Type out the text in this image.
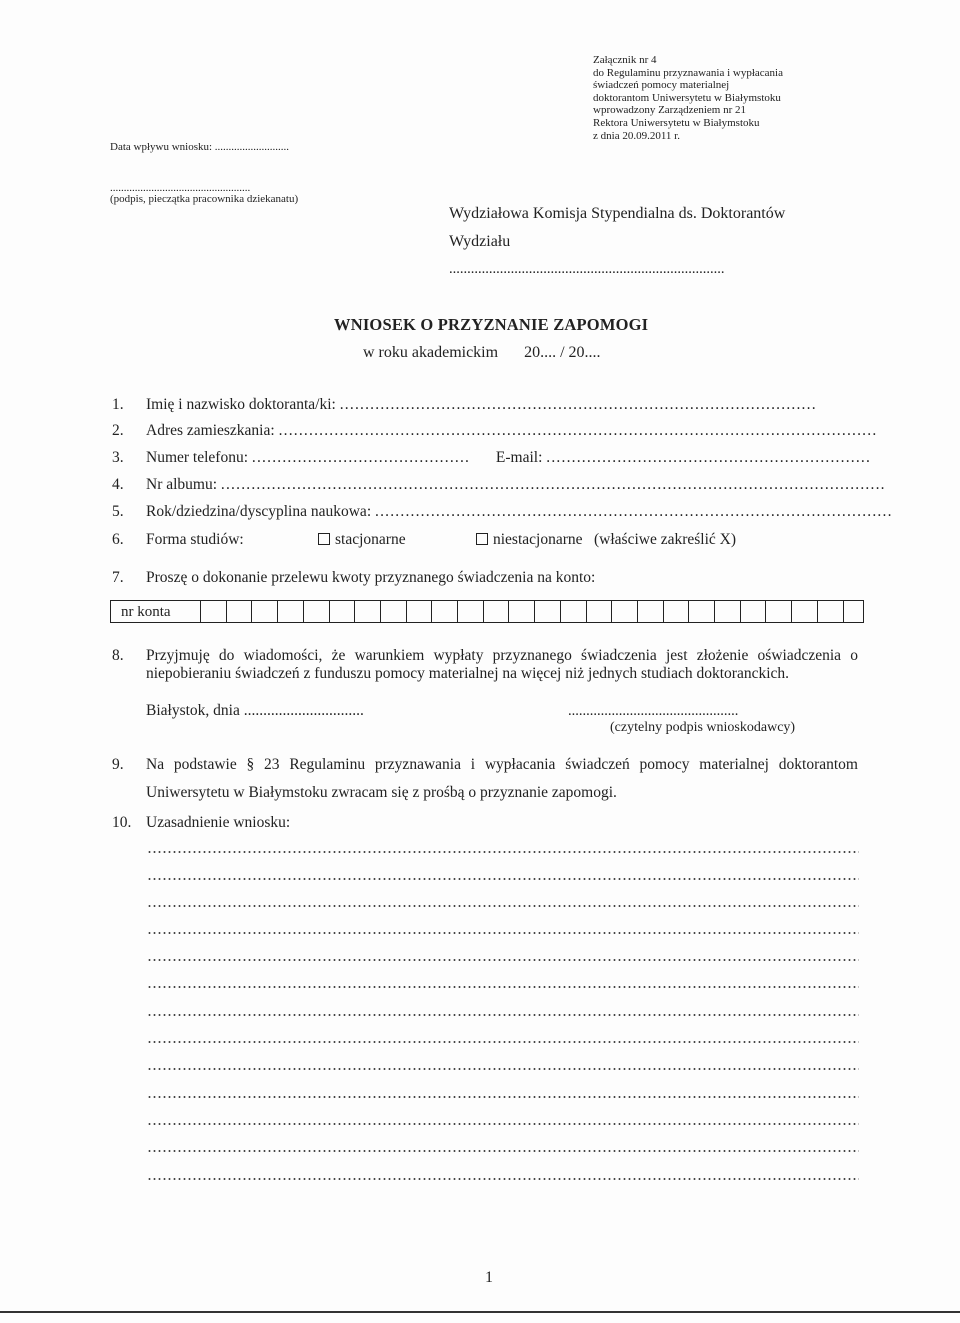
Data wpływu wniosku: ...........................
...................................................
(podpis, pieczątka pracownika dziekanatu)
Załącznik nr 4
do Regulaminu przyznawania i wypłacania
świadczeń pomocy materialnej
doktorantom Uniwersytetu w Białymstoku
wprowadzony Zarządzeniem nr 21
Rektora Uniwersytetu w Białymstoku
z dnia 20.09.2011 r.
Wydziałowa Komisja Stypendialna ds. Doktorantów
Wydziału
............................................................................
WNIOSEK O PRZYZNANIE ZAPOMOGI
w roku akademickim 20.... / 20....
1. Imię i nazwisko doktoranta/ki: ..............................................................................................
2. Adres zamieszkania: ......................................................................................................................
3. Numer telefonu: ........................................... E-mail: ................................................................
4. Nr albumu: ...................................................................................................................................
5. Rok/dziedzina/dyscyplina naukowa: ......................................................................................................
6. Forma studiów:	stacjonarne	niestacjonarne (właściwe zakreślić X)
7. Proszę o dokonanie przelewu kwoty przyznanego świadczenia na konto:
nr konta
8.	Przyjmuję do wiadomości, że warunkiem wypłaty przyznanego świadczenia jest złożenie oświadczenia o
niepobieraniu świadczeń z funduszu pomocy materialnej na więcej niż jednych studiach doktoranckich.
Białystok, dnia ...............................	...............................................
(czytelny podpis wnioskodawcy)
9.	Na podstawie § 23 Regulaminu przyznawania i wypłacania świadczeń pomocy materialnej doktorantom
Uniwersytetu w Białymstoku zwracam się z prośbą o przyznanie zapomogi.
10. Uzasadnienie wniosku:
1
